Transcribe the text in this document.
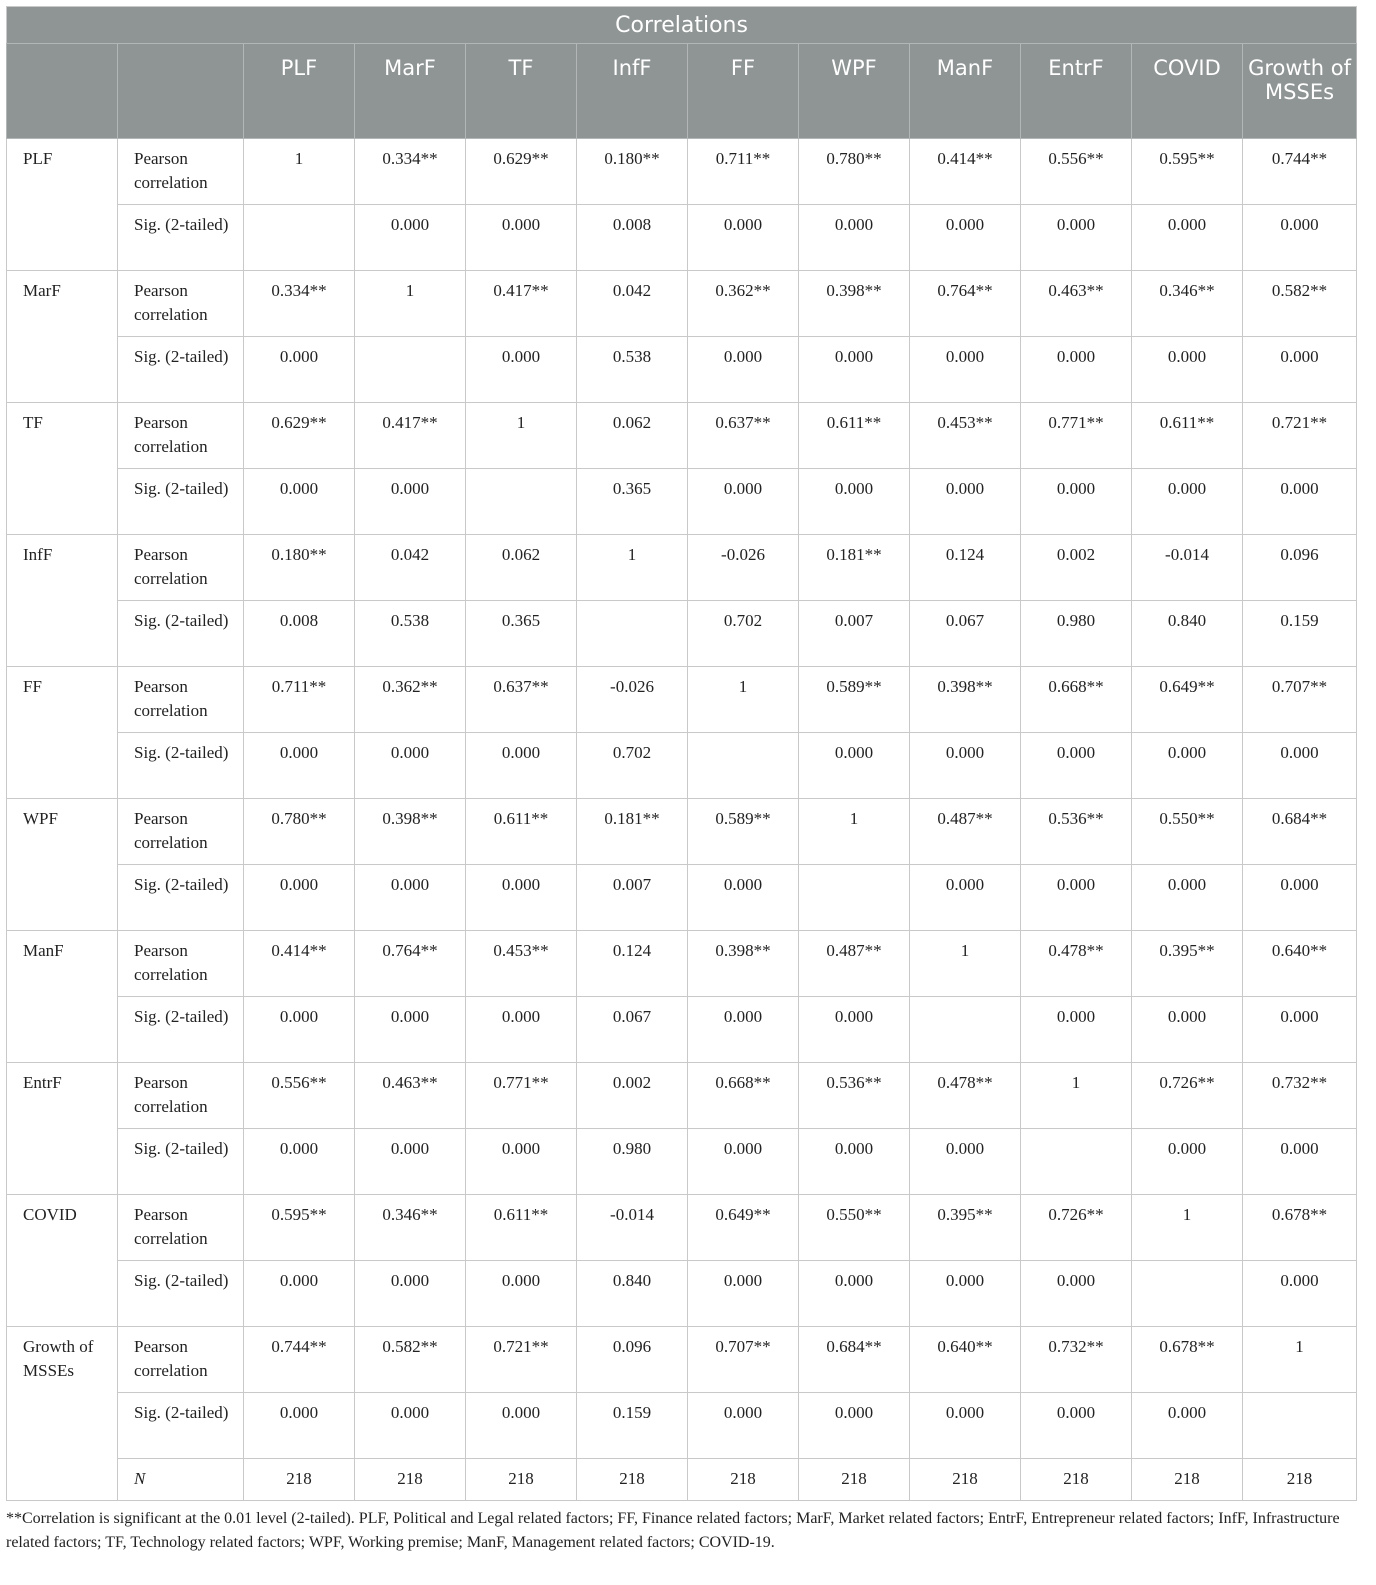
Correlations											
		PLF	MarF	TF	InfF	FF	WPF	ManF	EntrF	COVID	Growth of MSSEs
PLF	Pearson correlation	1	0.334**	0.629**	0.180**	0.711**	0.780**	0.414**	0.556**	0.595**	0.744**
	Sig. (2-tailed)		0.000	0.000	0.008	0.000	0.000	0.000	0.000	0.000	0.000
MarF	Pearson correlation	0.334**	1	0.417**	0.042	0.362**	0.398**	0.764**	0.463**	0.346**	0.582**
	Sig. (2-tailed)	0.000		0.000	0.538	0.000	0.000	0.000	0.000	0.000	0.000
TF	Pearson correlation	0.629**	0.417**	1	0.062	0.637**	0.611**	0.453**	0.771**	0.611**	0.721**
	Sig. (2-tailed)	0.000	0.000		0.365	0.000	0.000	0.000	0.000	0.000	0.000
InfF	Pearson correlation	0.180**	0.042	0.062	1	-0.026	0.181**	0.124	0.002	-0.014	0.096
	Sig. (2-tailed)	0.008	0.538	0.365		0.702	0.007	0.067	0.980	0.840	0.159
FF	Pearson correlation	0.711**	0.362**	0.637**	-0.026	1	0.589**	0.398**	0.668**	0.649**	0.707**
	Sig. (2-tailed)	0.000	0.000	0.000	0.702		0.000	0.000	0.000	0.000	0.000
WPF	Pearson correlation	0.780**	0.398**	0.611**	0.181**	0.589**	1	0.487**	0.536**	0.550**	0.684**
	Sig. (2-tailed)	0.000	0.000	0.000	0.007	0.000		0.000	0.000	0.000	0.000
ManF	Pearson correlation	0.414**	0.764**	0.453**	0.124	0.398**	0.487**	1	0.478**	0.395**	0.640**
	Sig. (2-tailed)	0.000	0.000	0.000	0.067	0.000	0.000		0.000	0.000	0.000
EntrF	Pearson correlation	0.556**	0.463**	0.771**	0.002	0.668**	0.536**	0.478**	1	0.726**	0.732**
	Sig. (2-tailed)	0.000	0.000	0.000	0.980	0.000	0.000	0.000		0.000	0.000
COVID	Pearson correlation	0.595**	0.346**	0.611**	-0.014	0.649**	0.550**	0.395**	0.726**	1	0.678**
	Sig. (2-tailed)	0.000	0.000	0.000	0.840	0.000	0.000	0.000	0.000		0.000
Growth of MSSEs	Pearson correlation	0.744**	0.582**	0.721**	0.096	0.707**	0.684**	0.640**	0.732**	0.678**	1
	Sig. (2-tailed)	0.000	0.000	0.000	0.159	0.000	0.000	0.000	0.000	0.000	
	N	218	218	218	218	218	218	218	218	218	218
**Correlation is significant at the 0.01 level (2-tailed). PLF, Political and Legal related factors; FF, Finance related factors; MarF, Market related factors; EntrF, Entrepreneur related factors; InfF, Infrastructure related factors; TF, Technology related factors; WPF, Working premise; ManF, Management related factors; COVID-19.
